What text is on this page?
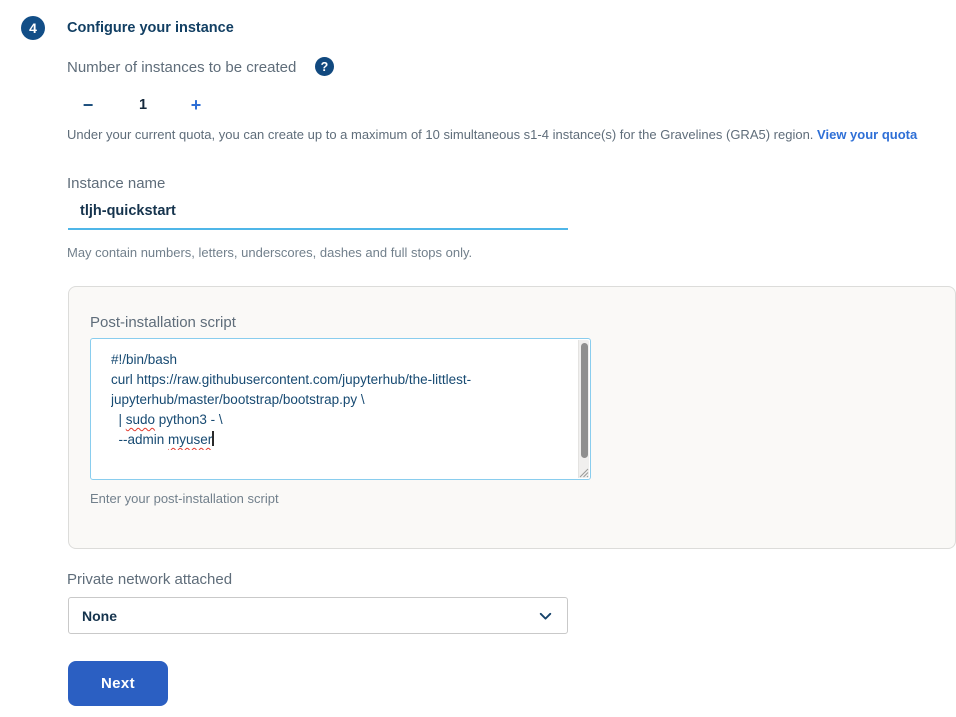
4 Configure your instance
Number of instances to be created ?
−	1	+
Under your current quota, you can create up to a maximum of 10 simultaneous s1-4 instance(s) for the Gravelines (GRA5) region. View your quota
Instance name
tljh-quickstart
May contain numbers, letters, underscores, dashes and full stops only.
Post-installation script
#!/bin/bash
curl https://raw.githubusercontent.com/jupyterhub/the-littlest-
jupyterhub/master/bootstrap/bootstrap.py \
| sudo python3 - \
--admin myuser
Enter your post-installation script
Private network attached
None
Next
